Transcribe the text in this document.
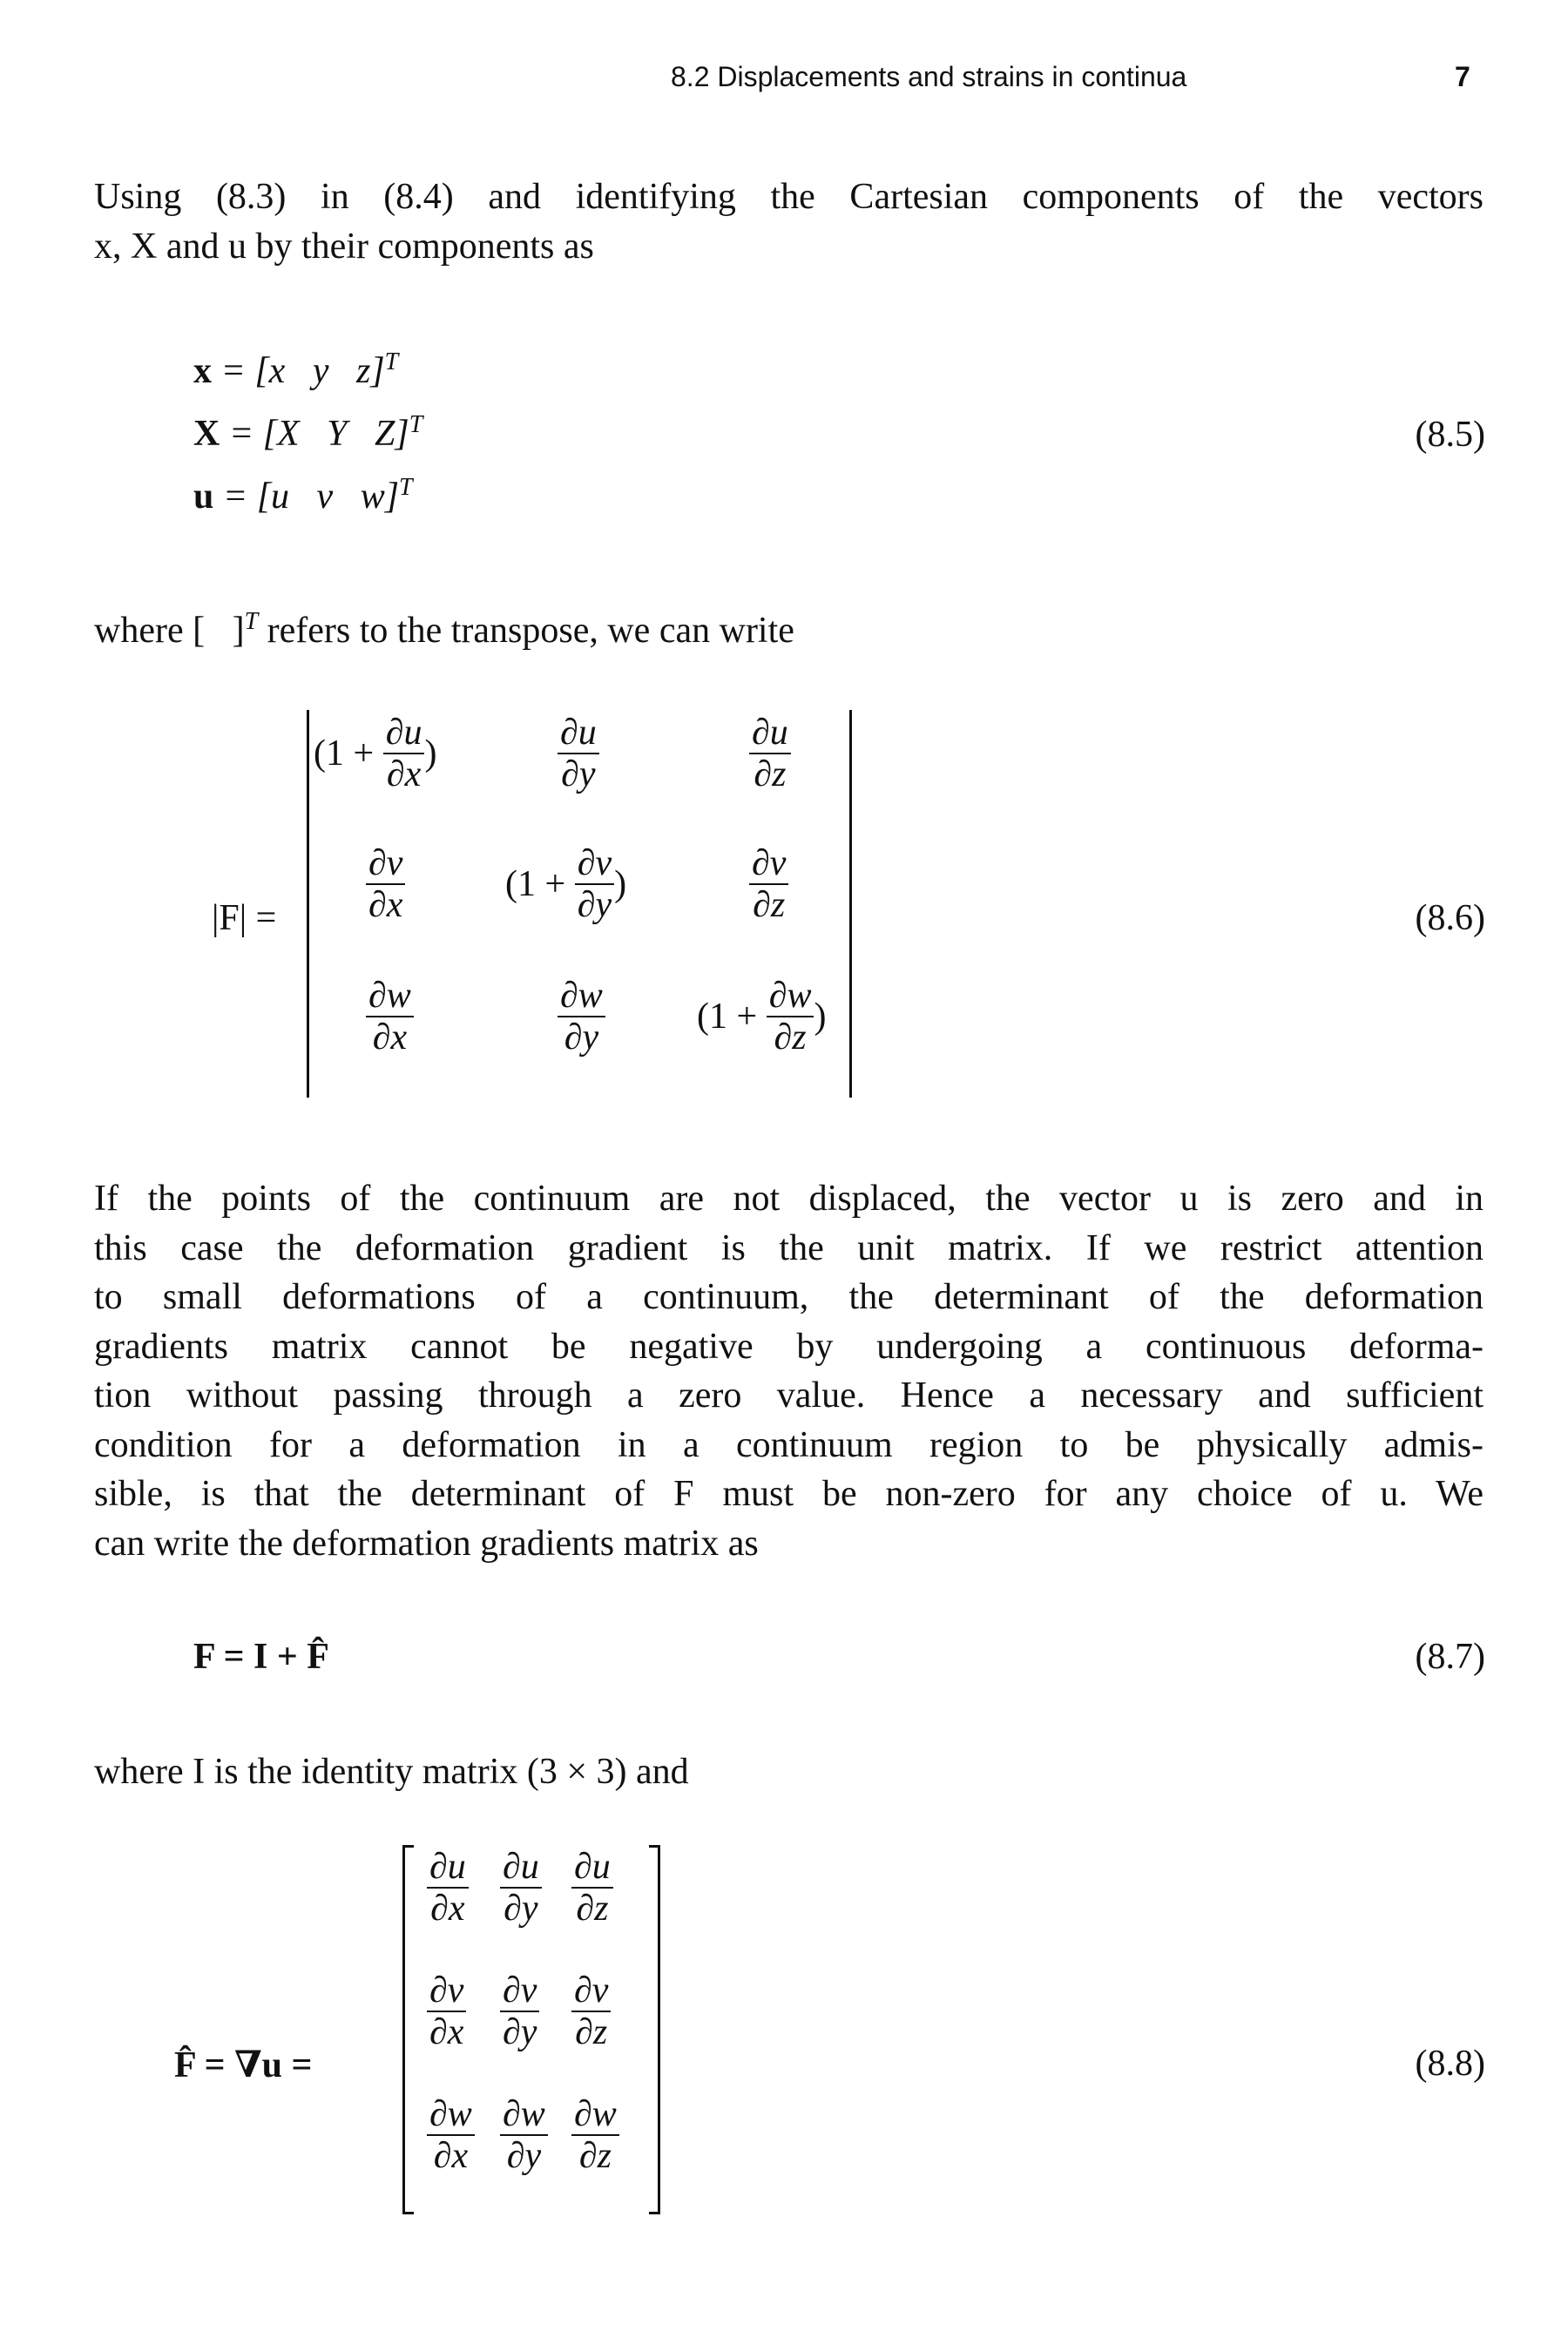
8.2 Displacements and strains in continua	7
Using (8.3) in (8.4) and identifying the Cartesian components of the vectors
x, X and u by their components as
x = [x   y   z]$^T$
X = [X   Y   Z]$^T$
u = [u   v   w]$^T$
(8.5)
where [   ]$^T$ refers to the transpose, we can write
|F| =
($1 + \frac{\partial u}{\partial x}$ )	$\frac{\partial u}{\partial y}$	$\frac{\partial u}{\partial z}$
$\frac{\partial v}{\partial x}$	($1 + \frac{\partial v}{\partial y}$ )	$\frac{\partial v}{\partial z}$
$\frac{\partial w}{\partial x}$	$\frac{\partial w}{\partial y}$	($1 + \frac{\partial w}{\partial z}$ )
(8.6)
If the points of the continuum are not displaced, the vector u is zero and in
this case the deformation gradient is the unit matrix. If we restrict attention
to small deformations of a continuum, the determinant of the deformation
gradients matrix cannot be negative by undergoing a continuous deforma-
tion without passing through a zero value. Hence a necessary and sufficient
condition for a deformation in a continuum region to be physically admis-
sible, is that the determinant of F must be non-zero for any choice of u. We
can write the deformation gradients matrix as
F = I + F̂	(8.7)
where I is the identity matrix (3 × 3) and
F̂ = ∇u =
$\frac{\partial u}{\partial x} \frac{\partial u}{\partial y} \frac{\partial u}{\partial z}$
$\frac{\partial v}{\partial x} \frac{\partial v}{\partial y} \frac{\partial v}{\partial z}$
$\frac{\partial w}{\partial x} \frac{\partial w}{\partial y} \frac{\partial w}{\partial z}$
(8.8)
